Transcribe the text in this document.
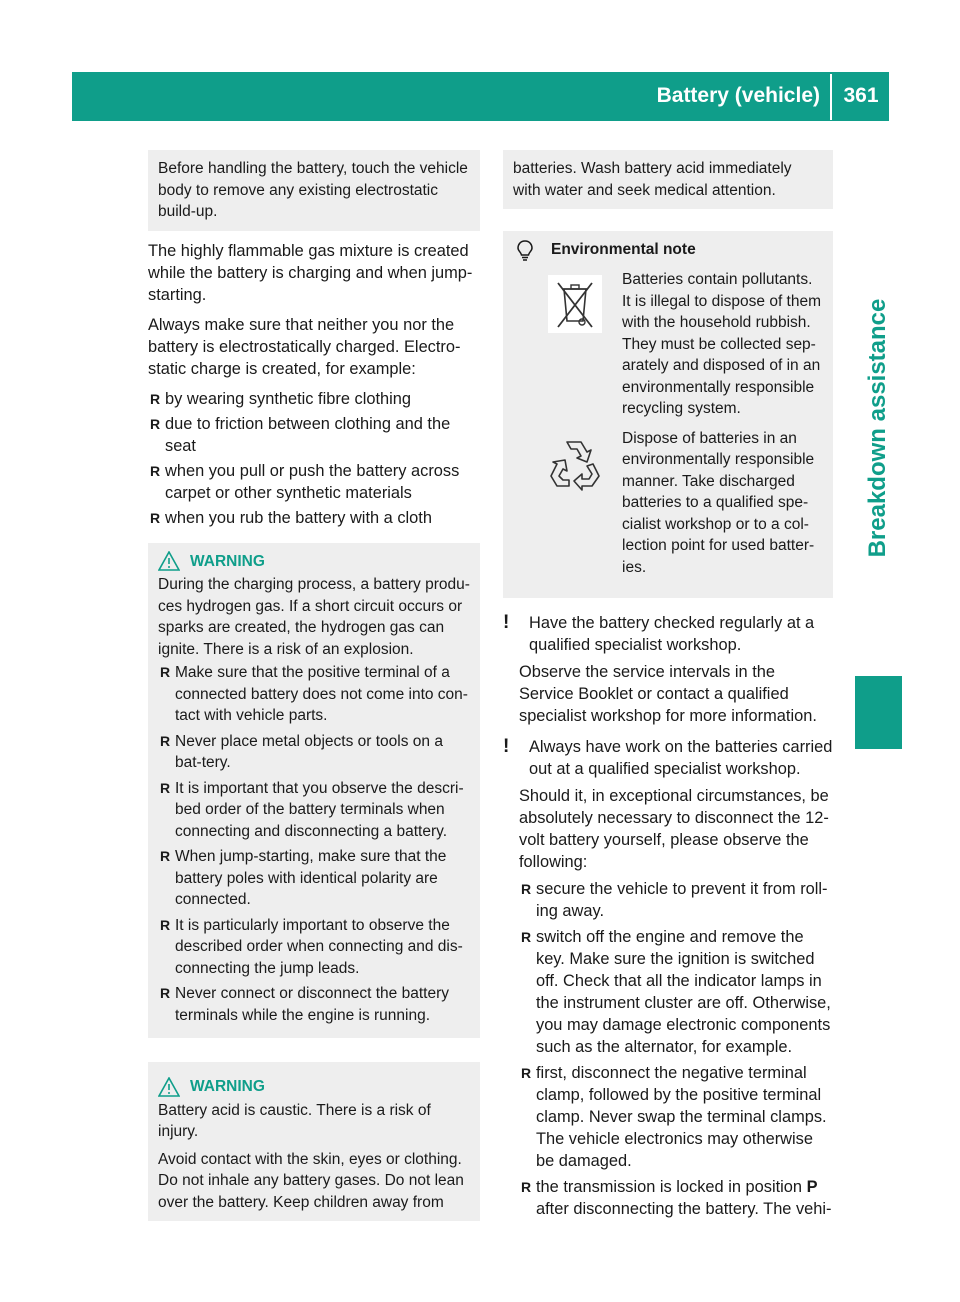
Battery (vehicle)	361
Breakdown assistance

Before handling the battery, touch the vehicle body to remove any existing electrostatic build-up.

The highly flammable gas mixture is created while the battery is charging and when jump-starting.

Always make sure that neither you nor the battery is electrostatically charged. Electro-static charge is created, for example:

R by wearing synthetic fibre clothing
R due to friction between clothing and the seat
R when you pull or push the battery across carpet or other synthetic materials
R when you rub the battery with a cloth
WARNING

During the charging process, a battery produ-ces hydrogen gas. If a short circuit occurs or sparks are created, the hydrogen gas can ignite. There is a risk of an explosion.

R Make sure that the positive terminal of a connected battery does not come into con-tact with vehicle parts.
R Never place metal objects or tools on a bat-tery.
R It is important that you observe the descri-bed order of the battery terminals when connecting and disconnecting a battery.
R When jump-starting, make sure that the battery poles with identical polarity are connected.
R It is particularly important to observe the described order when connecting and dis-connecting the jump leads.
R Never connect or disconnect the battery terminals while the engine is running.
WARNING

Battery acid is caustic. There is a risk of injury.

Avoid contact with the skin, eyes or clothing. Do not inhale any battery gases. Do not lean over the battery. Keep children away from

batteries. Wash battery acid immediately with water and seek medical attention.

Environmental note
Batteries contain pollutants. It is illegal to dispose of them with the household rubbish. They must be collected sep-arately and disposed of in an environmentally responsible recycling system.
Dispose of batteries in an environmentally responsible manner. Take discharged batteries to a qualified spe-cialist workshop or to a col-lection point for used batter-ies.
!	Have the battery checked regularly at a qualified specialist workshop.

Observe the service intervals in the Service Booklet or contact a qualified specialist workshop for more information.

!	Always have work on the batteries carried out at a qualified specialist workshop.

Should it, in exceptional circumstances, be absolutely necessary to disconnect the 12-volt battery yourself, please observe the following:

R secure the vehicle to prevent it from roll-ing away.
R switch off the engine and remove the key. Make sure the ignition is switched off. Check that all the indicator lamps in the instrument cluster are off. Otherwise, you may damage electronic components such as the alternator, for example.
R first, disconnect the negative terminal clamp, followed by the positive terminal clamp. Never swap the terminal clamps. The vehicle electronics may otherwise be damaged.
R the transmission is locked in position P after disconnecting the battery. The vehi-
